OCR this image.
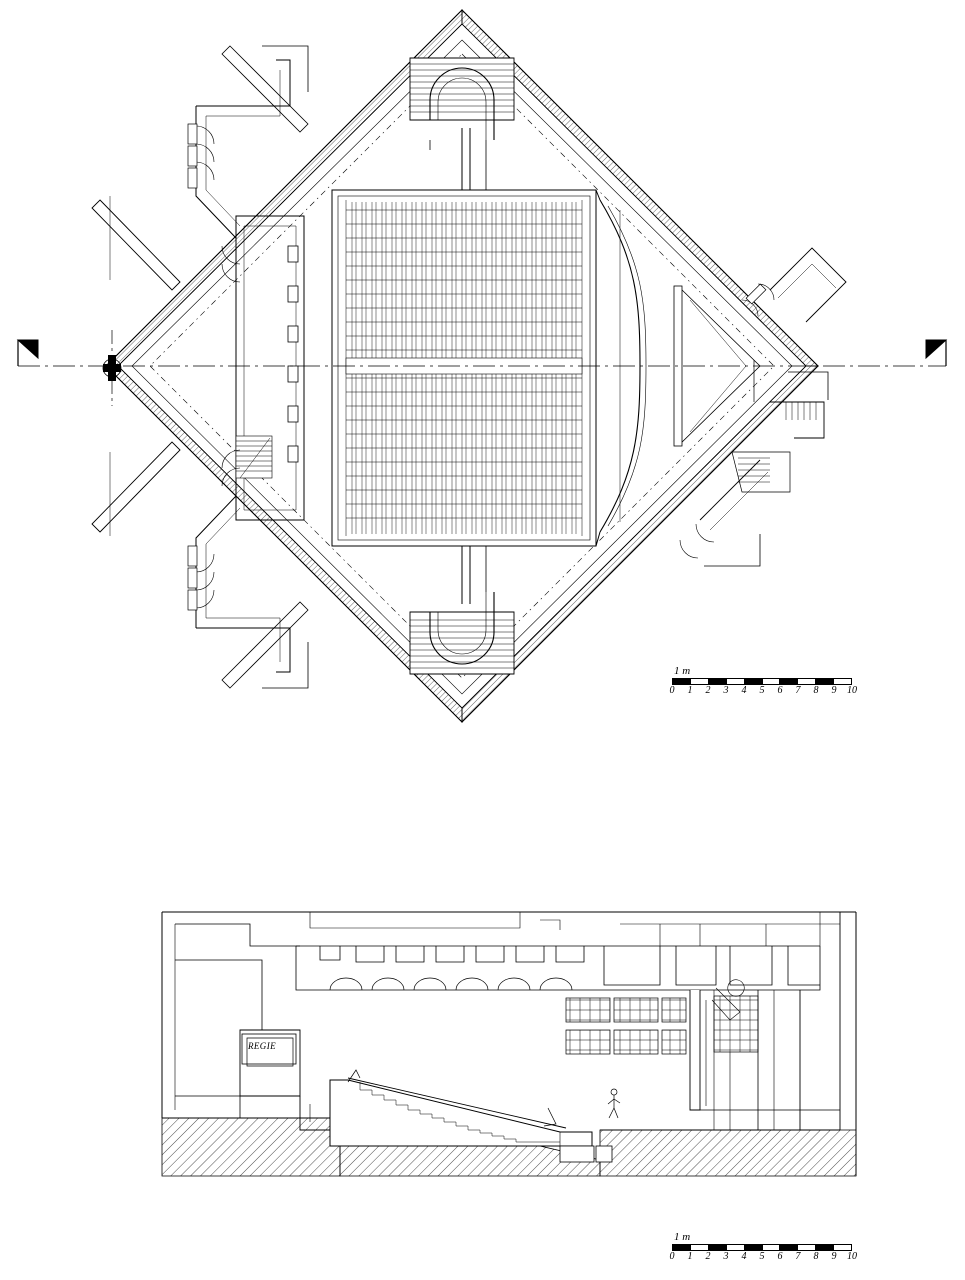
REGIE
1 m
0 1 2 3 4 5 6 7 8 9 10
1 m
0 1 2 3 4 5 6 7 8 9 10
